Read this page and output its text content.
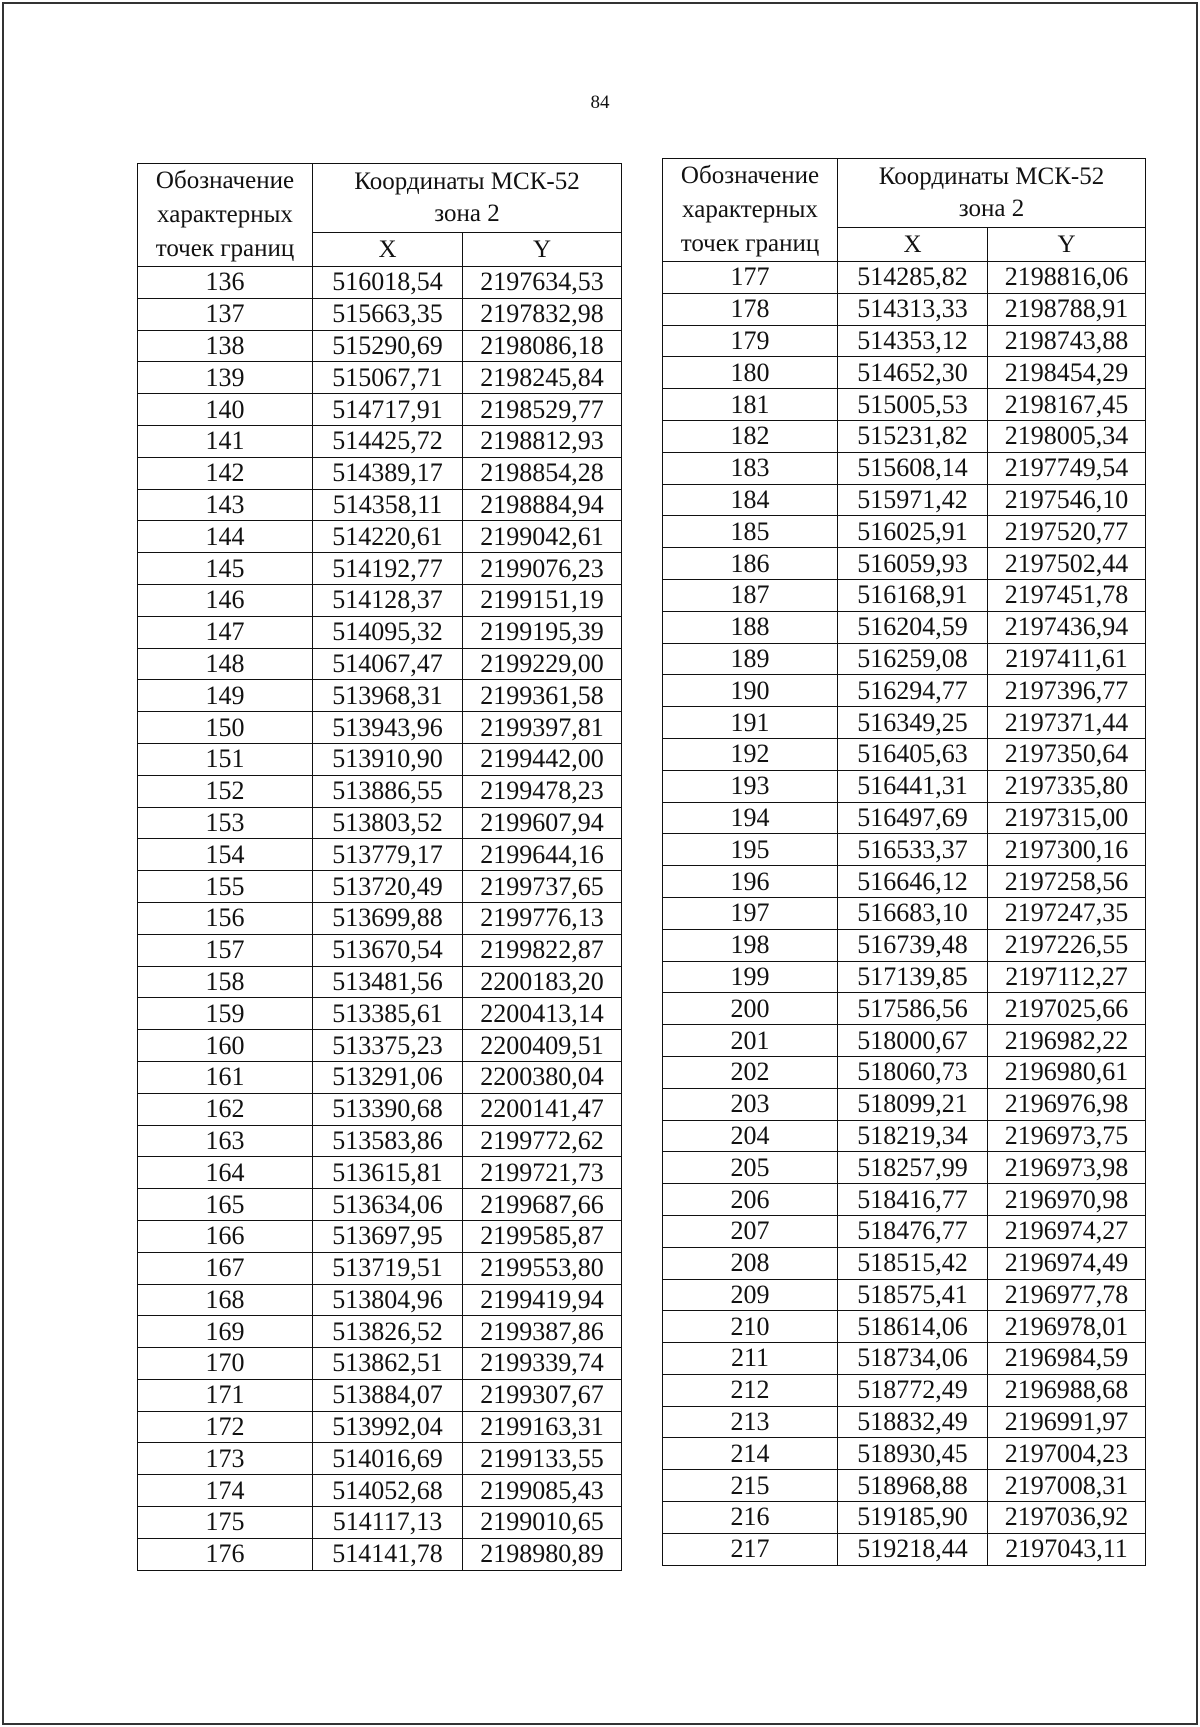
84
Обозначение
характерных
точек границ	Координаты МСК-52
зона 2	
	X	Y
136	516018,54	2197634,53
137	515663,35	2197832,98
138	515290,69	2198086,18
139	515067,71	2198245,84
140	514717,91	2198529,77
141	514425,72	2198812,93
142	514389,17	2198854,28
143	514358,11	2198884,94
144	514220,61	2199042,61
145	514192,77	2199076,23
146	514128,37	2199151,19
147	514095,32	2199195,39
148	514067,47	2199229,00
149	513968,31	2199361,58
150	513943,96	2199397,81
151	513910,90	2199442,00
152	513886,55	2199478,23
153	513803,52	2199607,94
154	513779,17	2199644,16
155	513720,49	2199737,65
156	513699,88	2199776,13
157	513670,54	2199822,87
158	513481,56	2200183,20
159	513385,61	2200413,14
160	513375,23	2200409,51
161	513291,06	2200380,04
162	513390,68	2200141,47
163	513583,86	2199772,62
164	513615,81	2199721,73
165	513634,06	2199687,66
166	513697,95	2199585,87
167	513719,51	2199553,80
168	513804,96	2199419,94
169	513826,52	2199387,86
170	513862,51	2199339,74
171	513884,07	2199307,67
172	513992,04	2199163,31
173	514016,69	2199133,55
174	514052,68	2199085,43
175	514117,13	2199010,65
176	514141,78	2198980,89
Обозначение
характерных
точек границ	Координаты МСК-52
зона 2	
	X	Y
177	514285,82	2198816,06
178	514313,33	2198788,91
179	514353,12	2198743,88
180	514652,30	2198454,29
181	515005,53	2198167,45
182	515231,82	2198005,34
183	515608,14	2197749,54
184	515971,42	2197546,10
185	516025,91	2197520,77
186	516059,93	2197502,44
187	516168,91	2197451,78
188	516204,59	2197436,94
189	516259,08	2197411,61
190	516294,77	2197396,77
191	516349,25	2197371,44
192	516405,63	2197350,64
193	516441,31	2197335,80
194	516497,69	2197315,00
195	516533,37	2197300,16
196	516646,12	2197258,56
197	516683,10	2197247,35
198	516739,48	2197226,55
199	517139,85	2197112,27
200	517586,56	2197025,66
201	518000,67	2196982,22
202	518060,73	2196980,61
203	518099,21	2196976,98
204	518219,34	2196973,75
205	518257,99	2196973,98
206	518416,77	2196970,98
207	518476,77	2196974,27
208	518515,42	2196974,49
209	518575,41	2196977,78
210	518614,06	2196978,01
211	518734,06	2196984,59
212	518772,49	2196988,68
213	518832,49	2196991,97
214	518930,45	2197004,23
215	518968,88	2197008,31
216	519185,90	2197036,92
217	519218,44	2197043,11
